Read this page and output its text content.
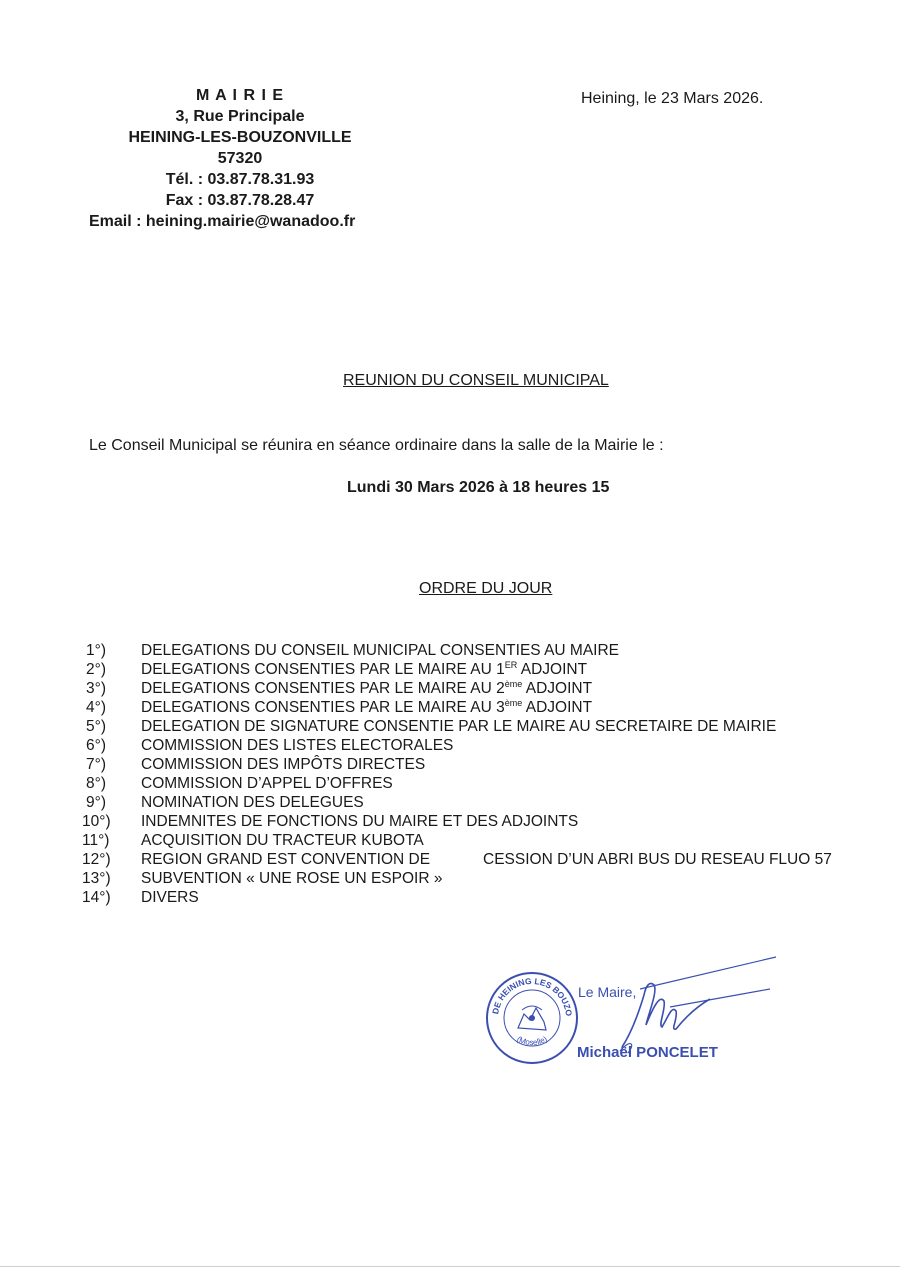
M A I R I E
3, Rue Principale
HEINING-LES-BOUZONVILLE
57320
Tél. : 03.87.78.31.93
Fax : 03.87.78.28.47
Email : heining.mairie@wanadoo.fr
Heining, le 23 Mars 2026.
REUNION DU CONSEIL MUNICIPAL
Le Conseil Municipal se réunira en séance ordinaire dans la salle de la Mairie le :
Lundi 30 Mars 2026 à 18 heures 15
ORDRE DU JOUR
1°) DELEGATIONS DU CONSEIL MUNICIPAL CONSENTIES AU MAIRE
2°) DELEGATIONS CONSENTIES PAR LE MAIRE AU 1ER ADJOINT
3°) DELEGATIONS CONSENTIES PAR LE MAIRE AU 2ème ADJOINT
4°) DELEGATIONS CONSENTIES PAR LE MAIRE AU 3ème ADJOINT
5°) DELEGATION DE SIGNATURE CONSENTIE PAR LE MAIRE AU SECRETAIRE DE MAIRIE
6°) COMMISSION DES LISTES ELECTORALES
7°) COMMISSION DES IMPÔTS DIRECTES
8°) COMMISSION D’APPEL D’OFFRES
9°) NOMINATION DES DELEGUES
10°) INDEMNITES DE FONCTIONS DU MAIRE ET DES ADJOINTS
11°) ACQUISITION DU TRACTEUR KUBOTA
12°) REGION GRAND EST CONVENTION DE	CESSION D’UN ABRI BUS DU RESEAU FLUO 57
13°) SUBVENTION « UNE ROSE UN ESPOIR »
14°) DIVERS
DE HEINING LES BOUZO
(Moselle)
Le Maire,
Michaël PONCELET
